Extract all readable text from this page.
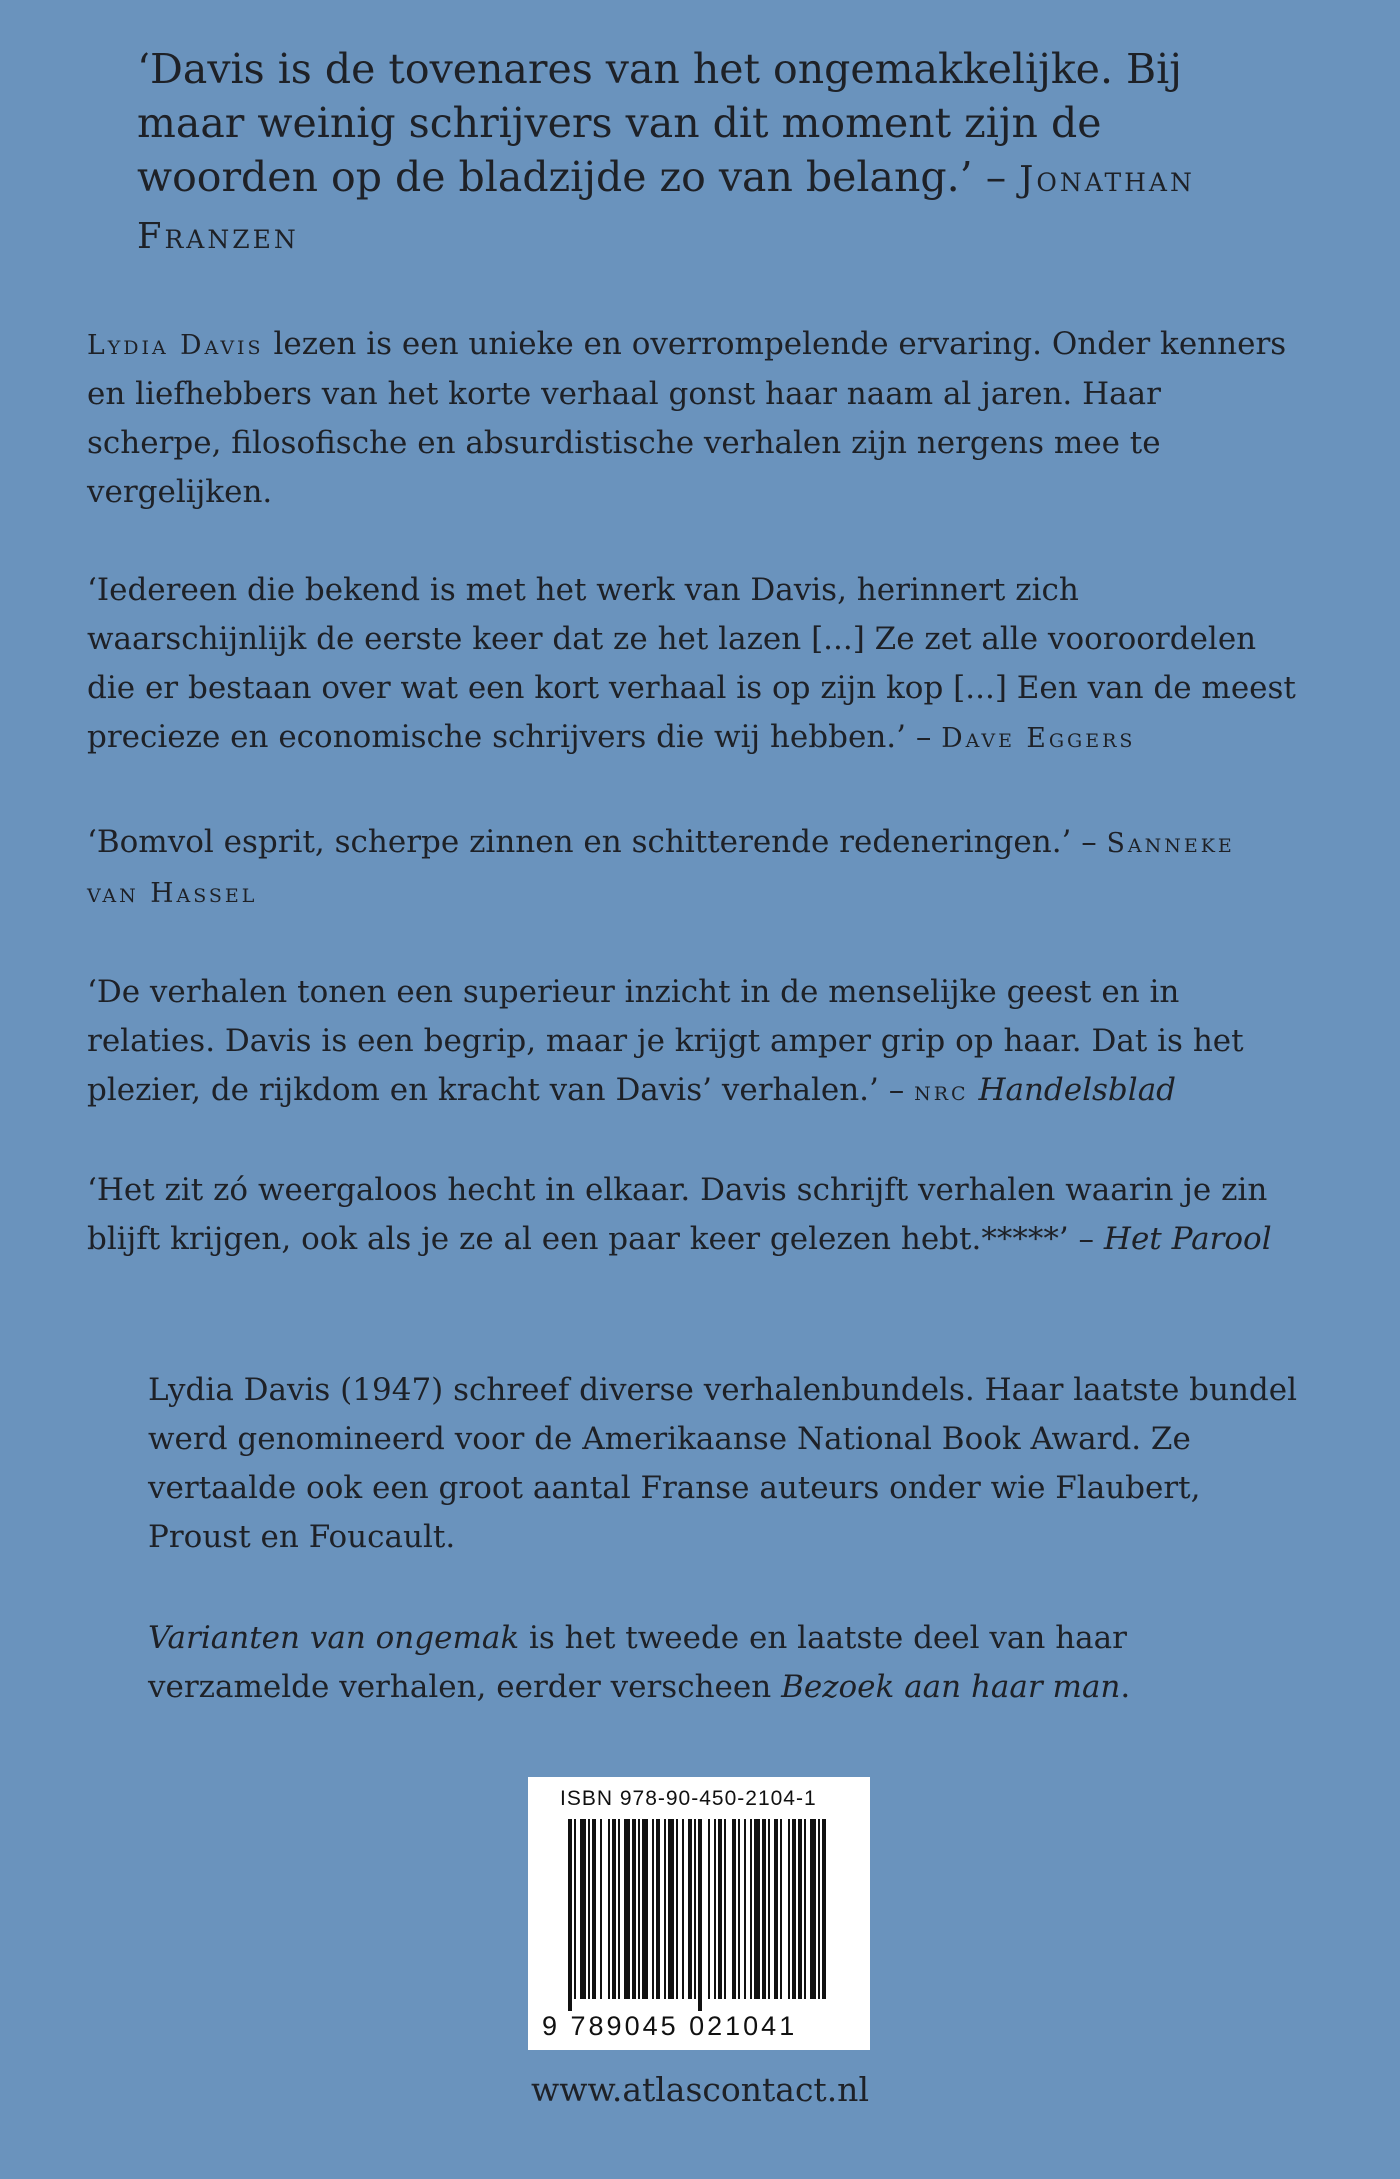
‘Davis is de tovenares van het ongemakkelijke. Bij maar weinig schrijvers van dit moment zijn de woorden op de bladzijde zo van belang.’ – Jonathan Franzen

Lydia Davis lezen is een unieke en overrompelende ervaring. Onder kenners en liefhebbers van het korte verhaal gonst haar naam al jaren. Haar scherpe, filosofische en absurdistische verhalen zijn nergens mee te vergelijken.

‘Iedereen die bekend is met het werk van Davis, herinnert zich waarschijnlijk de eerste keer dat ze het lazen [...] Ze zet alle vooroordelen die er bestaan over wat een kort verhaal is op zijn kop [...] Een van de meest precieze en economische schrijvers die wij hebben.’ – Dave Eggers

‘Bomvol esprit, scherpe zinnen en schitterende redeneringen.’ – Sanneke van Hassel

‘De verhalen tonen een superieur inzicht in de menselijke geest en in relaties. Davis is een begrip, maar je krijgt amper grip op haar. Dat is het plezier, de rijkdom en kracht van Davis’ verhalen.’ – nrc Handelsblad

‘Het zit zó weergaloos hecht in elkaar. Davis schrijft verhalen waarin je zin blijft krijgen, ook als je ze al een paar keer gelezen hebt.*****’ – Het Parool

Lydia Davis (1947) schreef diverse verhalenbundels. Haar laatste bundel werd genomineerd voor de Amerikaanse National Book Award. Ze vertaalde ook een groot aantal Franse auteurs onder wie Flaubert, Proust en Foucault.

Varianten van ongemak is het tweede en laatste deel van haar verzamelde verhalen, eerder verscheen Bezoek aan haar man.

ISBN 978-90-450-2104-1
9 789045 021041
www.atlascontact.nl
